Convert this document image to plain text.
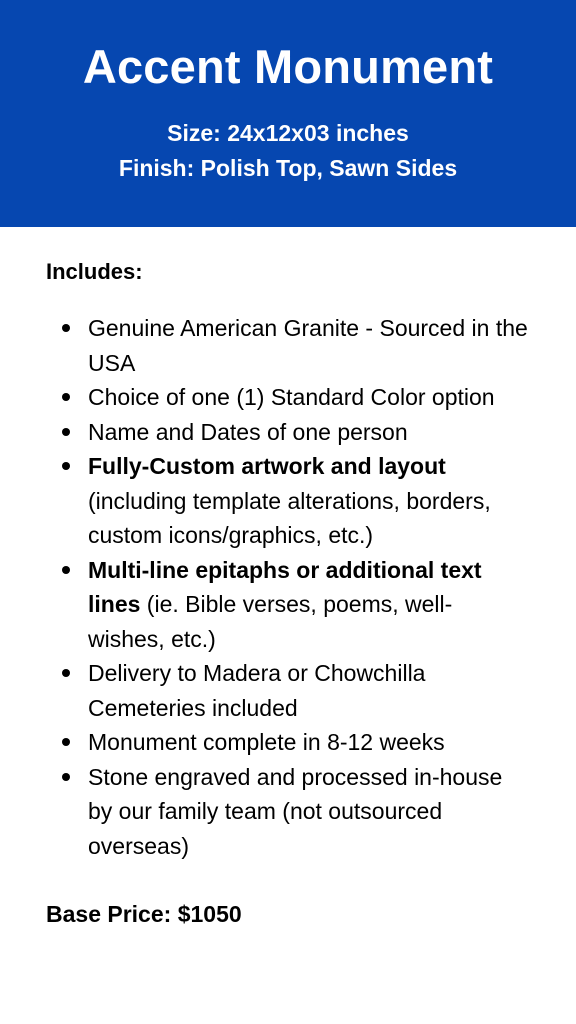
Accent Monument

Size: 24x12x03 inches

Finish: Polish Top, Sawn Sides

Includes:
Genuine American Granite - Sourced in the USA
Choice of one (1) Standard Color option
Name and Dates of one person
Fully-Custom artwork and layout (including template alterations, borders, custom icons/graphics, etc.)
Multi-line epitaphs or additional text lines (ie. Bible verses, poems, well-wishes, etc.)
Delivery to Madera or Chowchilla Cemeteries included
Monument complete in 8-12 weeks
Stone engraved and processed in-house by our family team (not outsourced overseas)
Base Price: $1050
